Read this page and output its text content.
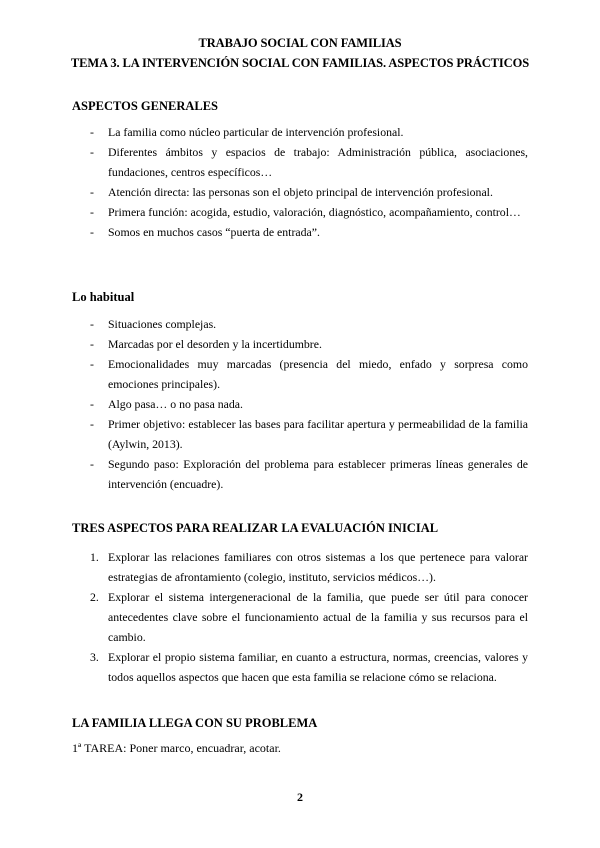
TRABAJO SOCIAL CON FAMILIAS
TEMA 3. LA INTERVENCIÓN SOCIAL CON FAMILIAS. ASPECTOS PRÁCTICOS
ASPECTOS GENERALES
- La familia como núcleo particular de intervención profesional.
- Diferentes ámbitos y espacios de trabajo: Administración pública, asociaciones, fundaciones, centros específicos…
- Atención directa: las personas son el objeto principal de intervención profesional.
- Primera función: acogida, estudio, valoración, diagnóstico, acompañamiento, control…
- Somos en muchos casos “puerta de entrada”.
Lo habitual
- Situaciones complejas.
- Marcadas por el desorden y la incertidumbre.
- Emocionalidades muy marcadas (presencia del miedo, enfado y sorpresa como emociones principales).
- Algo pasa… o no pasa nada.
- Primer objetivo: establecer las bases para facilitar apertura y permeabilidad de la familia (Aylwin, 2013).
- Segundo paso: Exploración del problema para establecer primeras líneas generales de intervención (encuadre).
TRES ASPECTOS PARA REALIZAR LA EVALUACIÓN INICIAL
1. Explorar las relaciones familiares con otros sistemas a los que pertenece para valorar estrategias de afrontamiento (colegio, instituto, servicios médicos…).
2. Explorar el sistema intergeneracional de la familia, que puede ser útil para conocer antecedentes clave sobre el funcionamiento actual de la familia y sus recursos para el cambio.
3. Explorar el propio sistema familiar, en cuanto a estructura, normas, creencias, valores y todos aquellos aspectos que hacen que esta familia se relacione cómo se relaciona.
LA FAMILIA LLEGA CON SU PROBLEMA
1ª TAREA: Poner marco, encuadrar, acotar.
2
